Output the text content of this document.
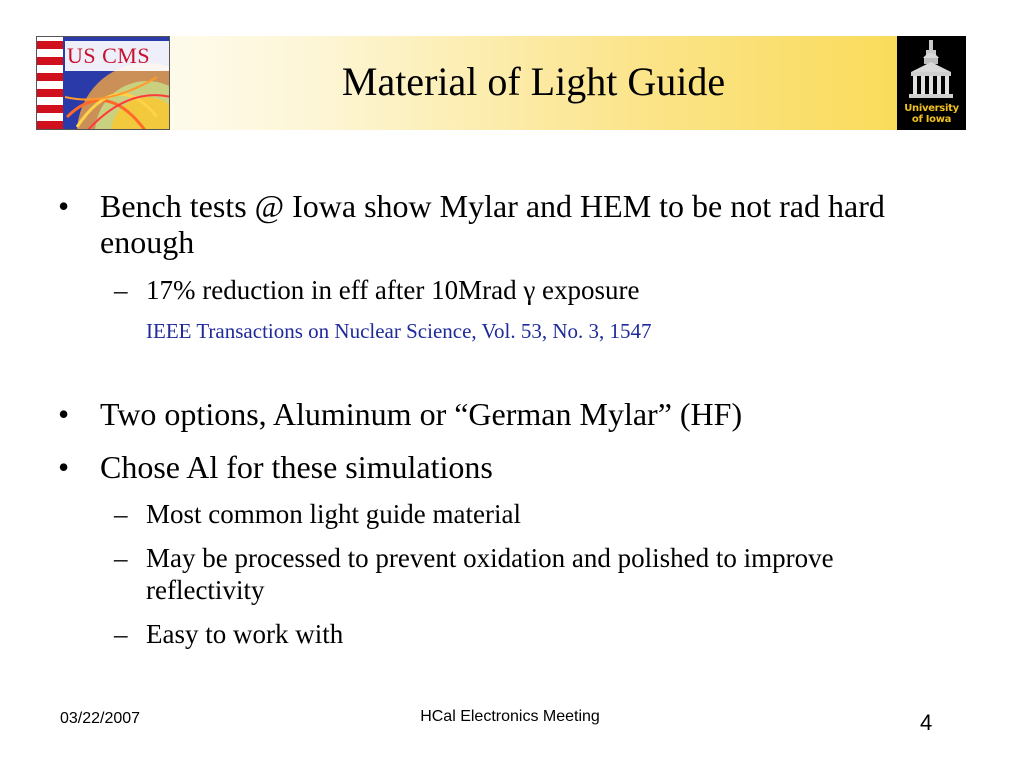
US CMS
Material of Light Guide
University
of Iowa
• Bench tests @ Iowa show Mylar and HEM to be not rad hard enough
– 17% reduction in eff after 10Mrad γ exposure
IEEE Transactions on Nuclear Science, Vol. 53, No. 3, 1547
• Two options, Aluminum or “German Mylar” (HF)
• Chose Al for these simulations
– Most common light guide material
– May be processed to prevent oxidation and polished to improve reflectivity
– Easy to work with
03/22/2007	HCal Electronics Meeting	4
